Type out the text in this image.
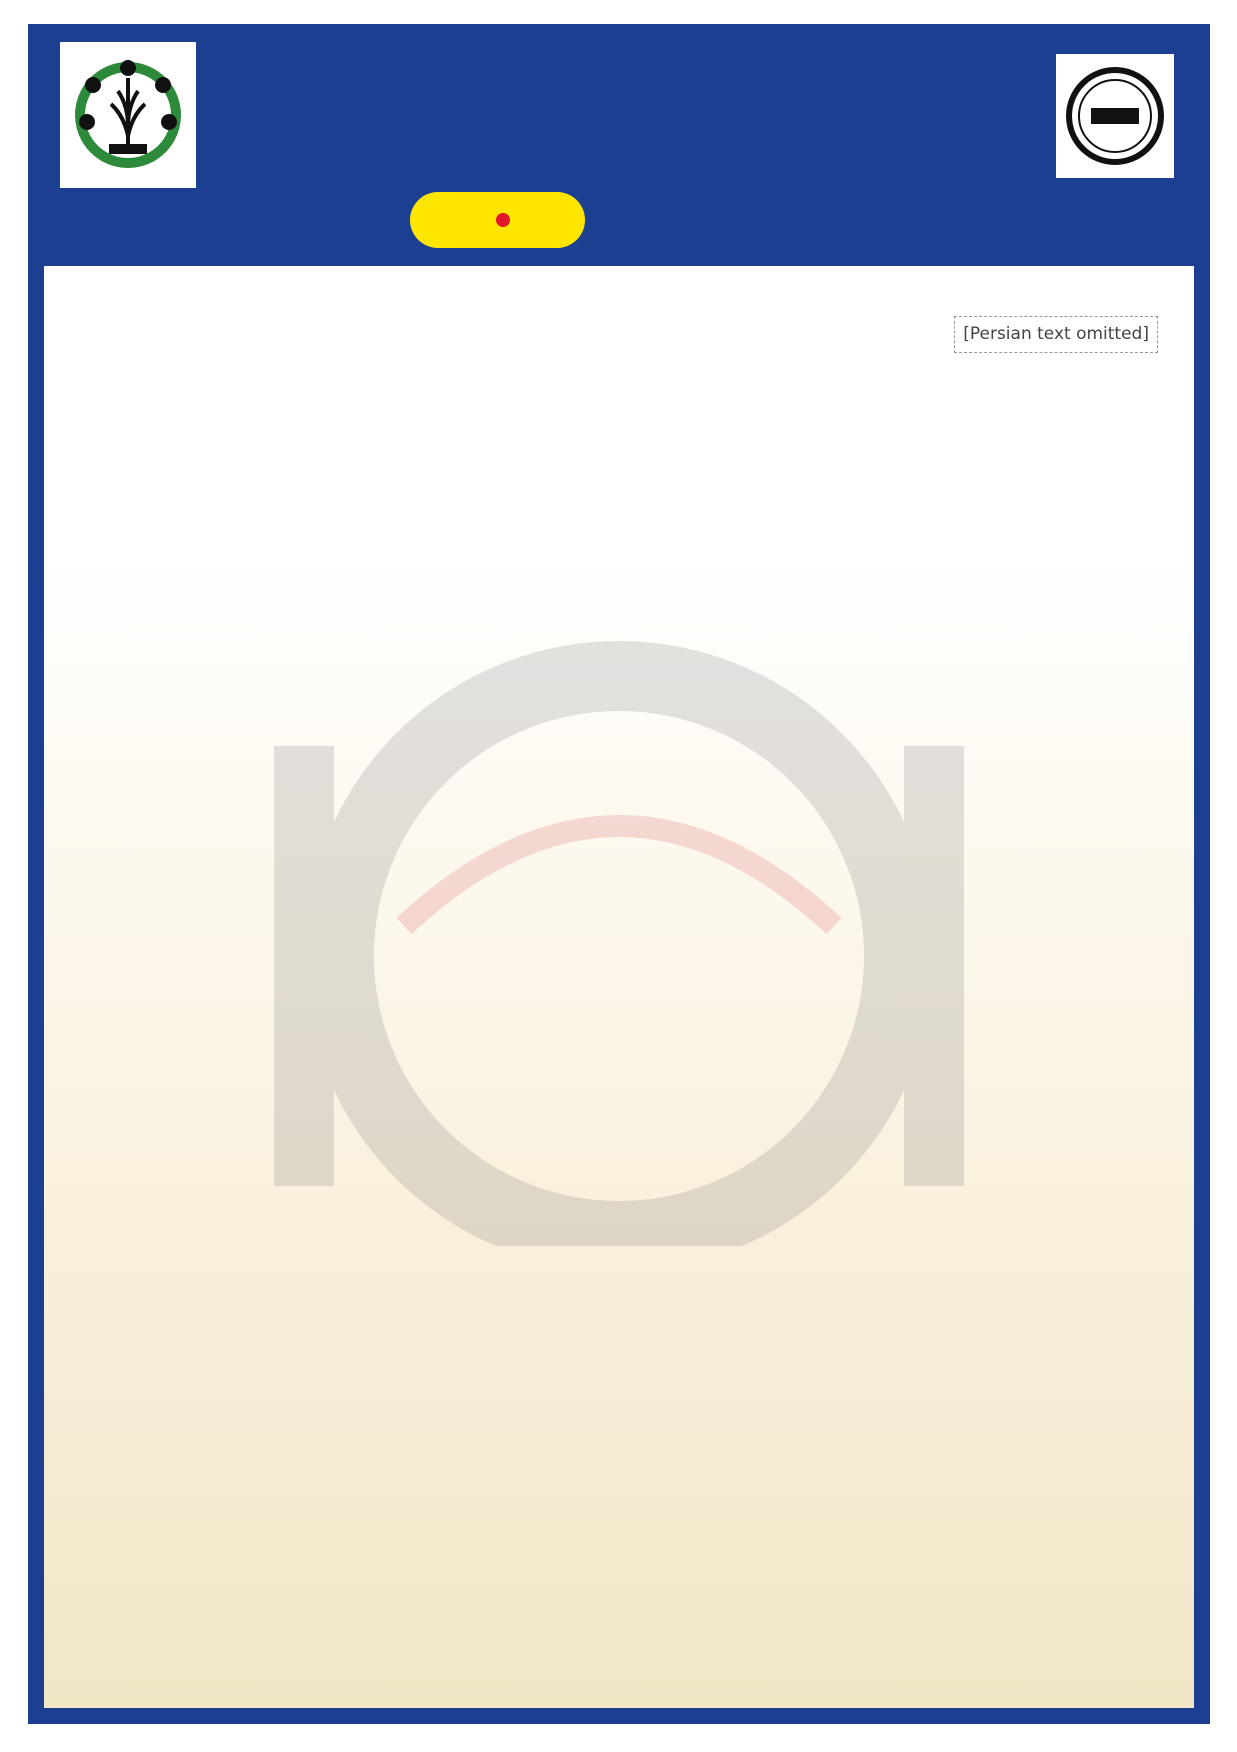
[Persian text omitted]
